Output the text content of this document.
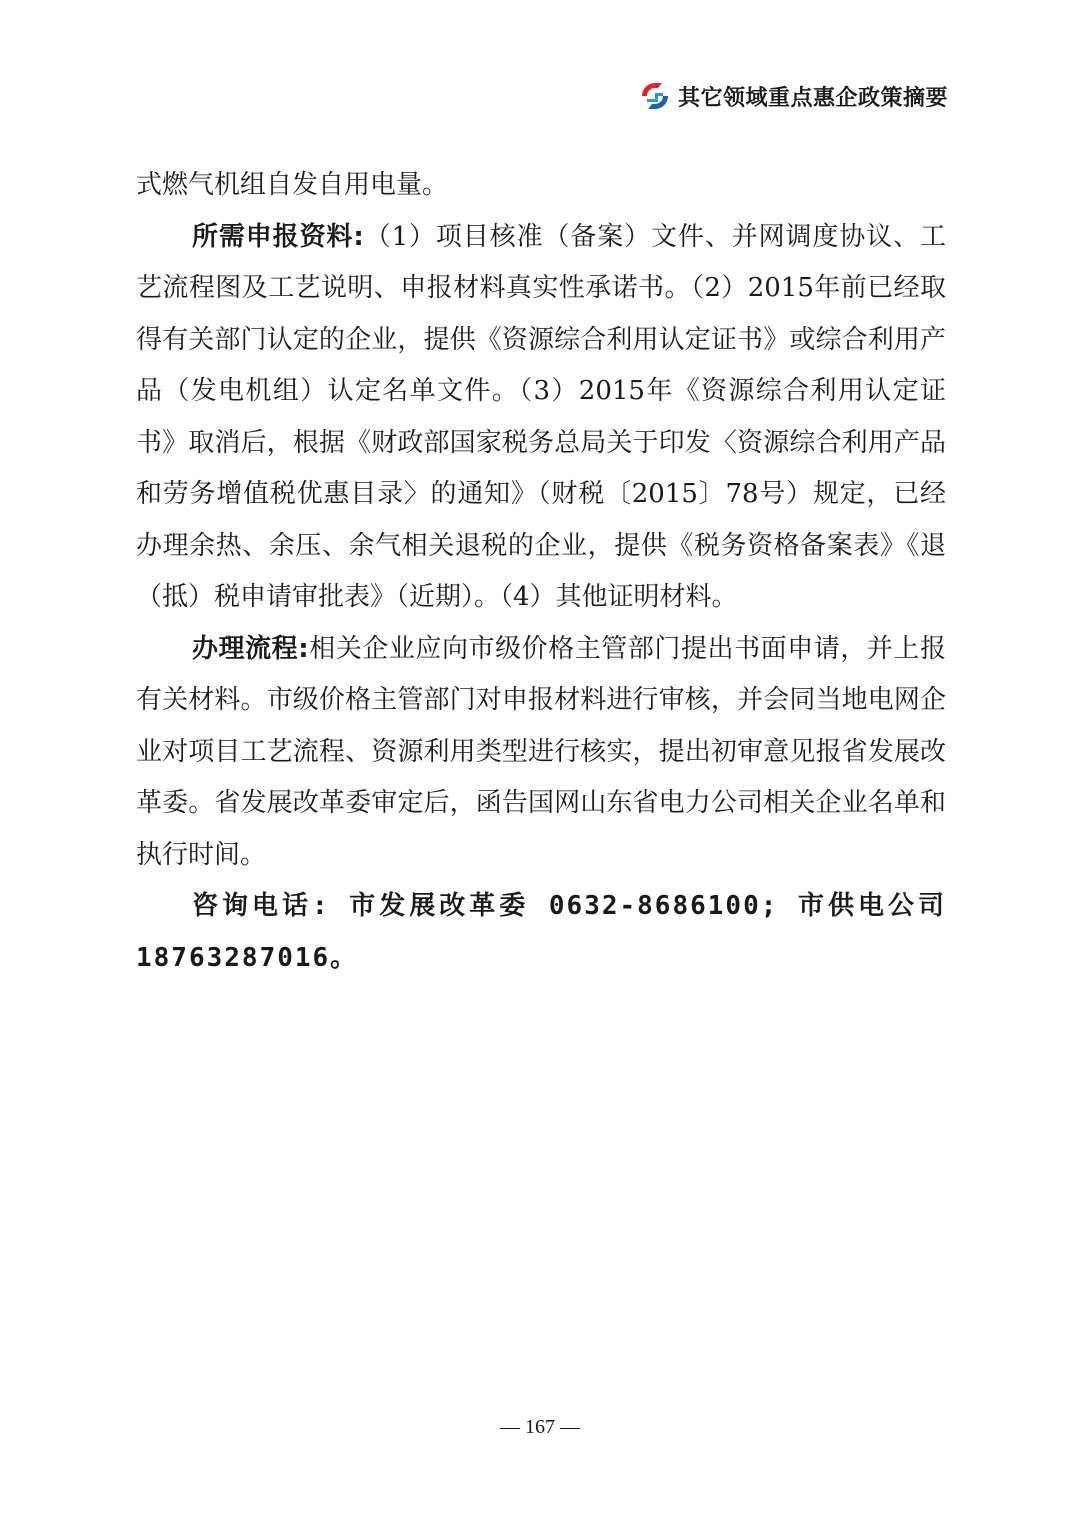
其它领域重点惠企政策摘要

式燃气机组自发自用电量。

所需申报资料:（1）项目核准（备案）文件、并网调度协议、工艺流程图及工艺说明、申报材料真实性承诺书。（2）2015年前已经取得有关部门认定的企业，提供《资源综合利用认定证书》或综合利用产品（发电机组）认定名单文件。（3）2015年《资源综合利用认定证书》取消后，根据《财政部国家税务总局关于印发〈资源综合利用产品和劳务增值税优惠目录〉的通知》（财税〔2015〕78号）规定，已经办理余热、余压、余气相关退税的企业，提供《税务资格备案表》《退（抵）税申请审批表》（近期）。（4）其他证明材料。

办理流程:相关企业应向市级价格主管部门提出书面申请，并上报有关材料。市级价格主管部门对申报材料进行审核，并会同当地电网企业对项目工艺流程、资源利用类型进行核实，提出初审意见报省发展改革委。省发展改革委审定后，函告国网山东省电力公司相关企业名单和执行时间。

咨询电话: 市发展改革委 0632-8686100; 市供电公司 18763287016。

— 167 —
